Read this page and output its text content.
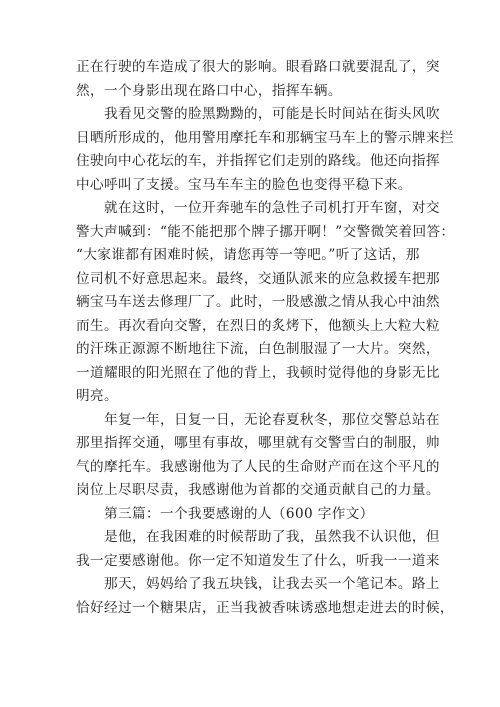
正在行驶的车造成了很大的影响。眼看路口就要混乱了，突
然，一个身影出现在路口中心，指挥车辆。
我看见交警的脸黑黝黝的，可能是长时间站在街头风吹
日晒所形成的，他用警用摩托车和那辆宝马车上的警示牌来拦
住驶向中心花坛的车，并指挥它们走别的路线。他还向指挥
中心呼叫了支援。宝马车车主的脸色也变得平稳下来。
就在这时，一位开奔驰车的急性子司机打开车窗，对交
警大声喊到：“能不能把那个牌子挪开啊！”交警微笑着回答：
“大家谁都有困难时候，请您再等一等吧。”听了这话，那
位司机不好意思起来。最终，交通队派来的应急救援车把那
辆宝马车送去修理厂了。此时，一股感激之情从我心中油然
而生。再次看向交警，在烈日的炙烤下，他额头上大粒大粒
的汗珠正源源不断地往下流，白色制服湿了一大片。突然，
一道耀眼的阳光照在了他的背上，我顿时觉得他的身影无比
明亮。
年复一年，日复一日，无论春夏秋冬，那位交警总站在
那里指挥交通，哪里有事故，哪里就有交警雪白的制服，帅
气的摩托车。我感谢他为了人民的生命财产而在这个平凡的
岗位上尽职尽责，我感谢他为首都的交通贡献自己的力量。
第三篇：一个我要感谢的人（600 字作文）
是他，在我困难的时候帮助了我，虽然我不认识他，但
我一定要感谢他。你一定不知道发生了什么，听我一一道来
那天，妈妈给了我五块钱，让我去买一个笔记本。路上
恰好经过一个糖果店，正当我被香味诱惑地想走进去的时候，
